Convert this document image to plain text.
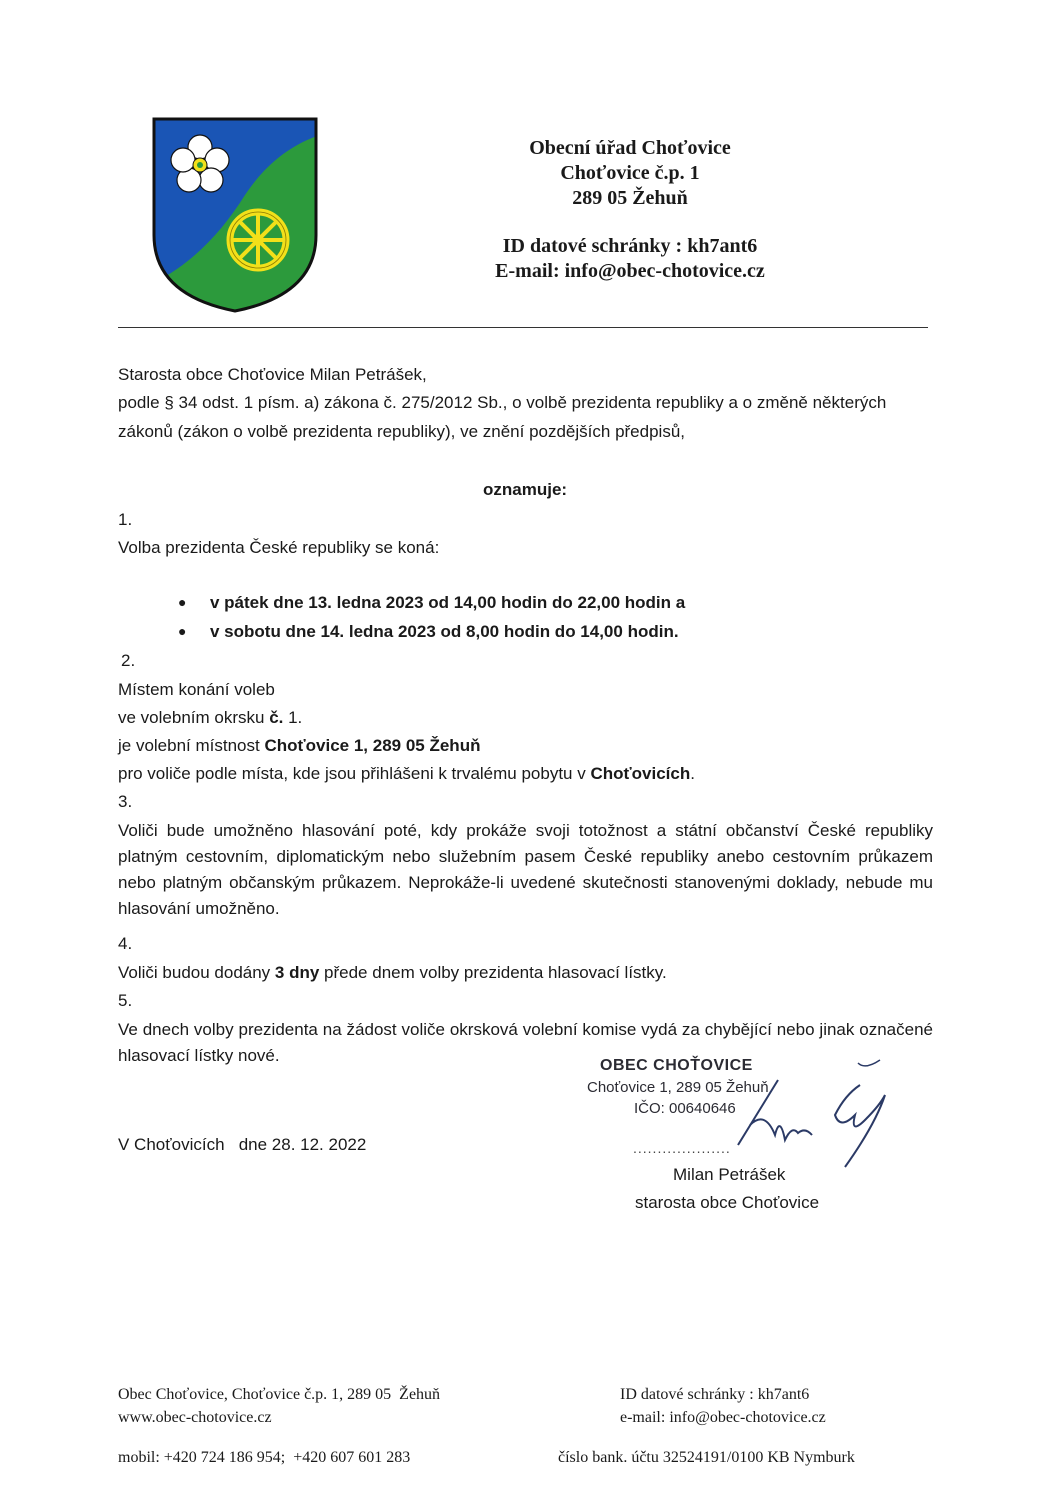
Obecní úřad Choťovice
Choťovice č.p. 1
289 05 Žehuň
ID datové schránky : kh7ant6
E-mail: info@obec-chotovice.cz
Starosta obce Choťovice Milan Petrášek,
podle § 34 odst. 1 písm. a) zákona č. 275/2012 Sb., o volbě prezidenta republiky a o změně některých
zákonů (zákon o volbě prezidenta republiky), ve znění pozdějších předpisů,
oznamuje:
1.
Volba prezidenta České republiky se koná:
● v pátek dne 13. ledna 2023 od 14,00 hodin do 22,00 hodin a
● v sobotu dne 14. ledna 2023 od 8,00 hodin do 14,00 hodin.
2.
Místem konání voleb
ve volebním okrsku č. 1.
je volební místnost Choťovice 1, 289 05 Žehuň
pro voliče podle místa, kde jsou přihlášeni k trvalému pobytu v Choťovicích.
3.
Voliči bude umožněno hlasování poté, kdy prokáže svoji totožnost a státní občanství České republiky platným cestovním, diplomatickým nebo služebním pasem České republiky anebo cestovním průkazem nebo platným občanským průkazem. Neprokáže-li uvedené skutečnosti stanovenými doklady, nebude mu hlasování umožněno.
4.
Voliči budou dodány 3 dny přede dnem volby prezidenta hlasovací lístky.
5.
Ve dnech volby prezidenta na žádost voliče okrsková volební komise vydá za chybějící nebo jinak označené hlasovací lístky nové.
V Choťovicích   dne 28. 12. 2022
OBEC CHOŤOVICE
Choťovice 1, 289 05 Žehuň
IČO: 00640646
....................
Milan Petrášek
starosta obce Choťovice
Obec Choťovice, Choťovice č.p. 1, 289 05  Žehuň
www.obec-chotovice.cz
ID datové schránky : kh7ant6
e-mail: info@obec-chotovice.cz
mobil: +420 724 186 954;  +420 607 601 283	číslo bank. účtu 32524191/0100 KB Nymburk
